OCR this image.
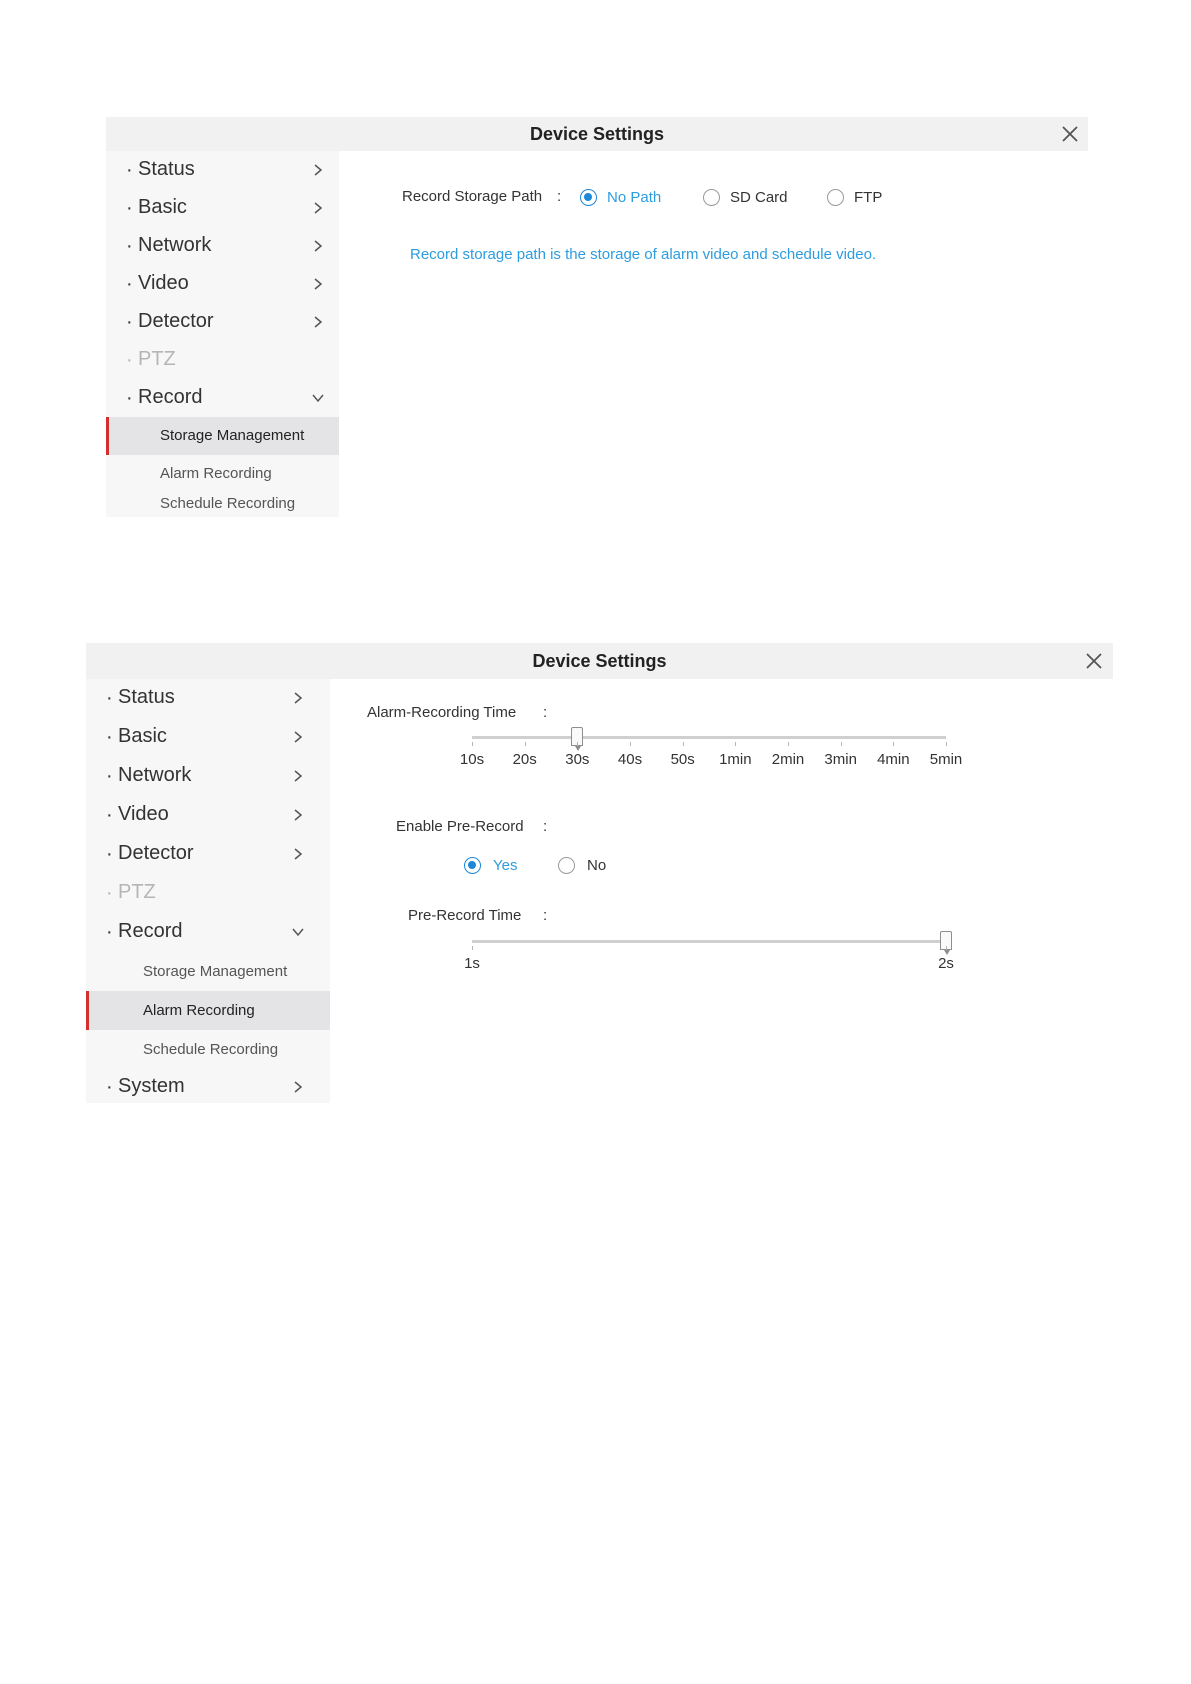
Device Settings
· Status
· Basic
· Network
· Video
· Detector
· PTZ
· Record
Storage Management
Alarm Recording
Schedule Recording
Record Storage Path :	No Path	SD Card	FTP
Record storage path is the storage of alarm video and schedule video.
Device Settings
· Status
· Basic
· Network
· Video
· Detector
· PTZ
· Record
Storage Management
Alarm Recording
Schedule Recording
· System
Alarm-Recording Time :
10s 20s 30s 40s 50s 1min 2min 3min 4min 5min
Enable Pre-Record :
Yes	No
Pre-Record Time :
1s	2s
